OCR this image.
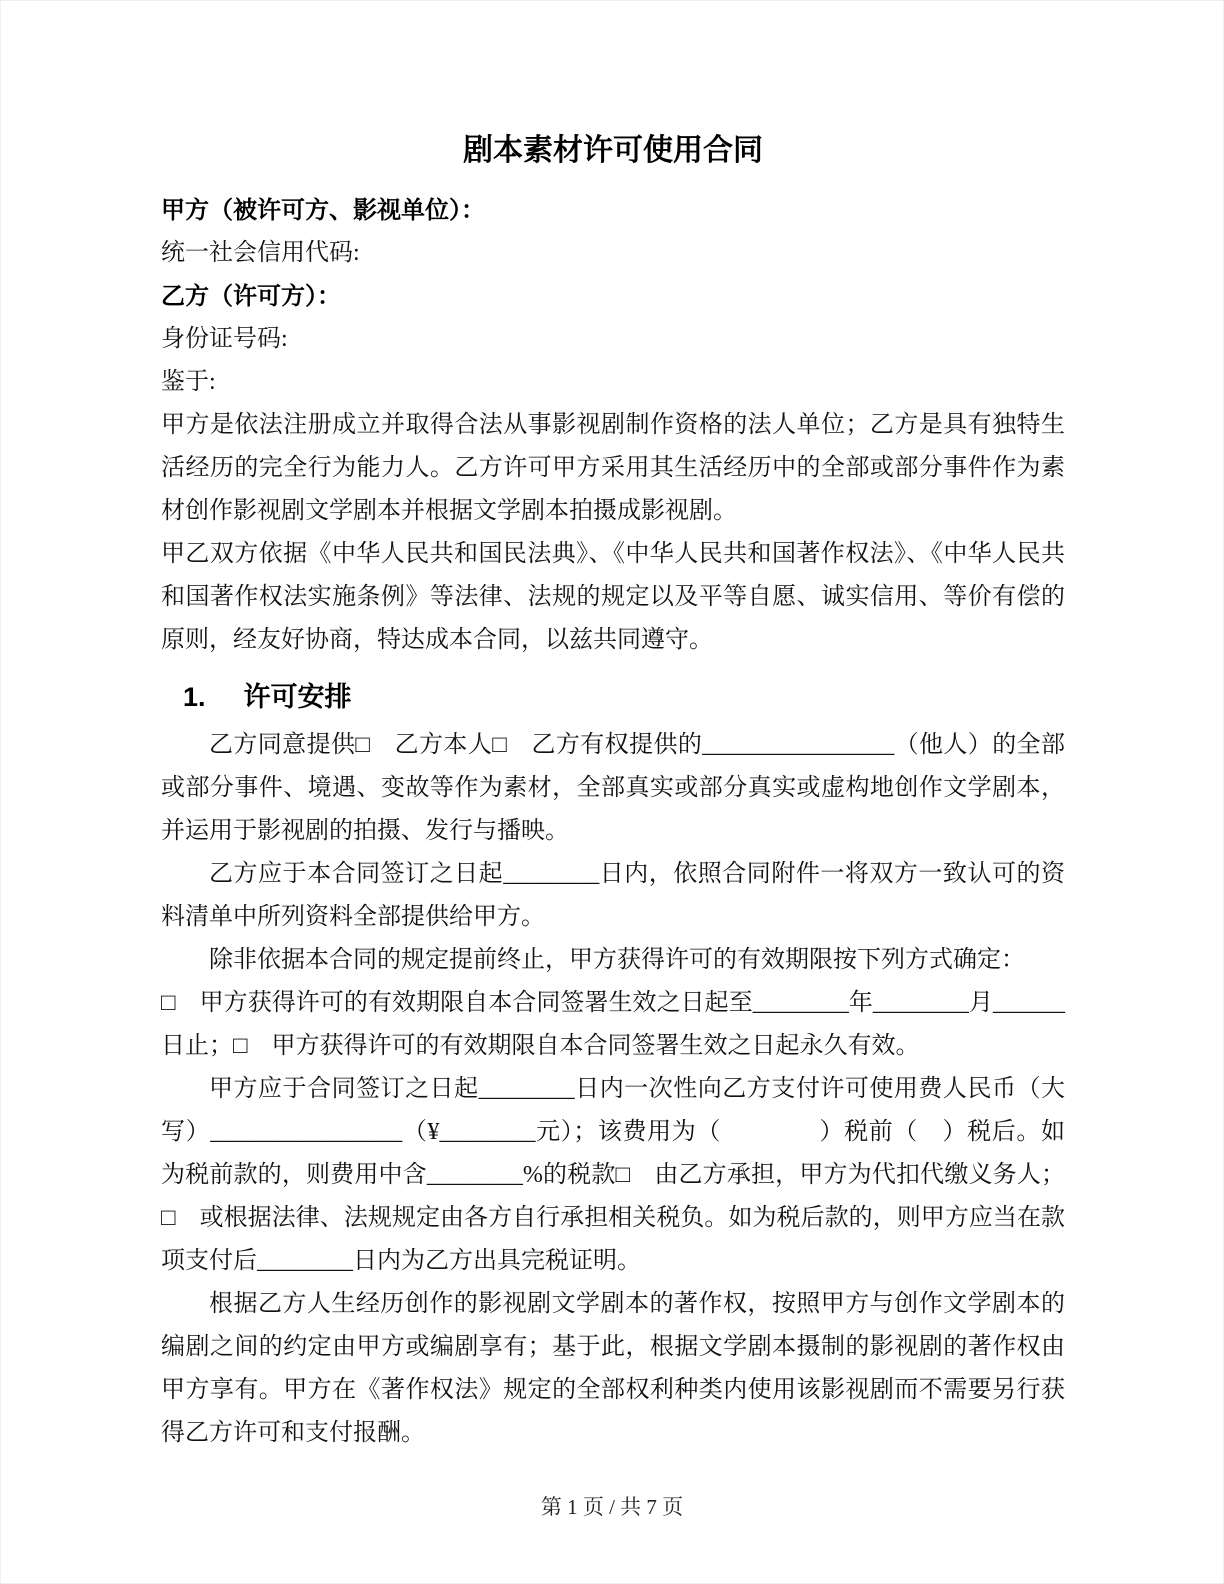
剧本素材许可使用合同
甲方（被许可方、影视单位）：
统一社会信用代码:
乙方（许可方）：
身份证号码:
鉴于:

甲方是依法注册成立并取得合法从事影视剧制作资格的法人单位；乙方是具有独特生活经历的完全行为能力人。乙方许可甲方采用其生活经历中的全部或部分事件作为素材创作影视剧文学剧本并根据文学剧本拍摄成影视剧。

甲乙双方依据《中华人民共和国民法典》、《中华人民共和国著作权法》、《中华人民共和国著作权法实施条例》等法律、法规的规定以及平等自愿、诚实信用、等价有偿的原则，经友好协商，特达成本合同，以兹共同遵守。

1. 许可安排

乙方同意提供□　乙方本人□　乙方有权提供的________________（他人）的全部或部分事件、境遇、变故等作为素材，全部真实或部分真实或虚构地创作文学剧本，并运用于影视剧的拍摄、发行与播映。

乙方应于本合同签订之日起________日内，依照合同附件一将双方一致认可的资料清单中所列资料全部提供给甲方。

除非依据本合同的规定提前终止，甲方获得许可的有效期限按下列方式确定：

□　甲方获得许可的有效期限自本合同签署生效之日起至________年________月______日止；□　甲方获得许可的有效期限自本合同签署生效之日起永久有效。

甲方应于合同签订之日起________日内一次性向乙方支付许可使用费人民币（大写）________________（¥________元）；该费用为（　　　　）税前（　）税后。如为税前款的，则费用中含________%的税款□　由乙方承担，甲方为代扣代缴义务人；□　或根据法律、法规规定由各方自行承担相关税负。如为税后款的，则甲方应当在款项支付后________日内为乙方出具完税证明。

根据乙方人生经历创作的影视剧文学剧本的著作权，按照甲方与创作文学剧本的编剧之间的约定由甲方或编剧享有；基于此，根据文学剧本摄制的影视剧的著作权由甲方享有。甲方在《著作权法》规定的全部权利种类内使用该影视剧而不需要另行获得乙方许可和支付报酬。

第 1 页 / 共 7 页
